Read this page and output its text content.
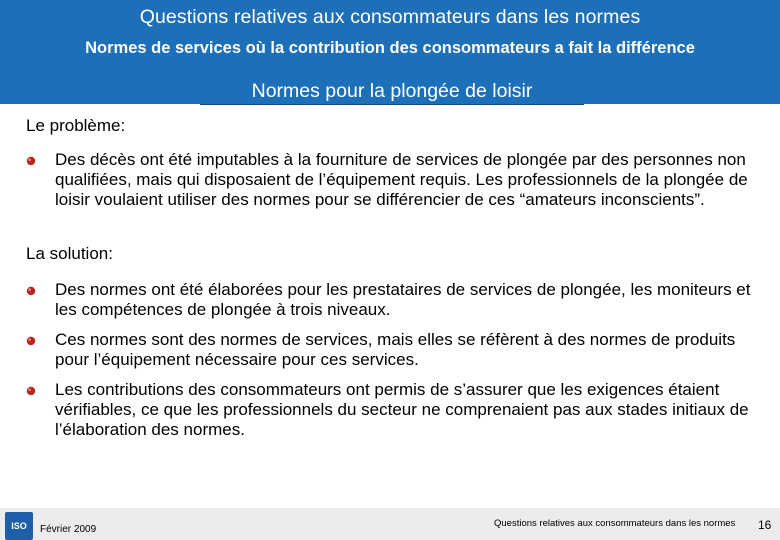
Questions relatives aux consommateurs dans les normes
Normes de services où la contribution des consommateurs a fait la différence
Normes pour la plongée de loisir
Le problème:
Des décès ont été imputables à la fourniture de services de plongée par des personnes non qualifiées, mais qui disposaient de l’équipement requis. Les professionnels de la plongée de loisir voulaient utiliser des normes pour se différencier de ces “amateurs inconscients”.
La solution:
Des normes ont été élaborées pour les prestataires de services de plongée, les moniteurs et les compétences de plongée à trois niveaux.
Ces normes sont des normes de services, mais elles se réfèrent à des normes de produits pour l’équipement nécessaire pour ces services.
Les contributions des consommateurs ont permis de s’assurer que les exigences étaient vérifiables, ce que les professionnels du secteur ne comprenaient pas aux stades initiaux de l’élaboration des normes.
ISO	Février 2009
Questions relatives aux consommateurs dans les normes 16
